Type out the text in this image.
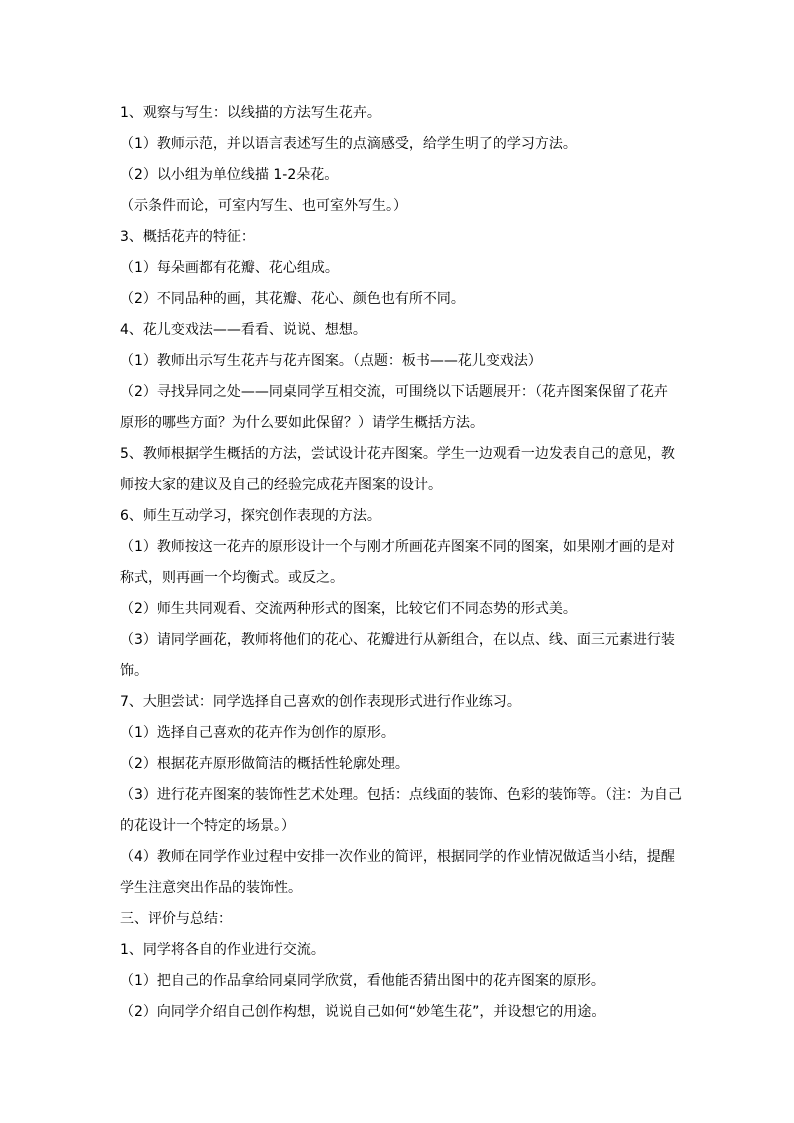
1、观察与写生：以线描的方法写生花卉。
（1）教师示范，并以语言表述写生的点滴感受，给学生明了的学习方法。
（2）以小组为单位线描 1-2朵花。
（示条件而论，可室内写生、也可室外写生。）
3、概括花卉的特征：
（1）每朵画都有花瓣、花心组成。
（2）不同品种的画，其花瓣、花心、颜色也有所不同。
4、花儿变戏法——看看、说说、想想。
（1）教师出示写生花卉与花卉图案。（点题：板书——花儿变戏法）
（2）寻找异同之处——同桌同学互相交流，可围绕以下话题展开：（花卉图案保留了花卉
原形的哪些方面？为什么要如此保留？）请学生概括方法。
5、教师根据学生概括的方法，尝试设计花卉图案。学生一边观看一边发表自己的意见，教
师按大家的建议及自己的经验完成花卉图案的设计。
6、师生互动学习，探究创作表现的方法。
（1）教师按这一花卉的原形设计一个与刚才所画花卉图案不同的图案，如果刚才画的是对
称式，则再画一个均衡式。或反之。
（2）师生共同观看、交流两种形式的图案，比较它们不同态势的形式美。
（3）请同学画花，教师将他们的花心、花瓣进行从新组合，在以点、线、面三元素进行装
饰。
7、大胆尝试：同学选择自己喜欢的创作表现形式进行作业练习。
（1）选择自己喜欢的花卉作为创作的原形。
（2）根据花卉原形做简洁的概括性轮廓处理。
（3）进行花卉图案的装饰性艺术处理。包括：点线面的装饰、色彩的装饰等。（注：为自己
的花设计一个特定的场景。）
（4）教师在同学作业过程中安排一次作业的简评，根据同学的作业情况做适当小结，提醒
学生注意突出作品的装饰性。
三、评价与总结：
1、同学将各自的作业进行交流。
（1）把自己的作品拿给同桌同学欣赏，看他能否猜出图中的花卉图案的原形。
（2）向同学介绍自己创作构想，说说自己如何“妙笔生花”，并设想它的用途。
